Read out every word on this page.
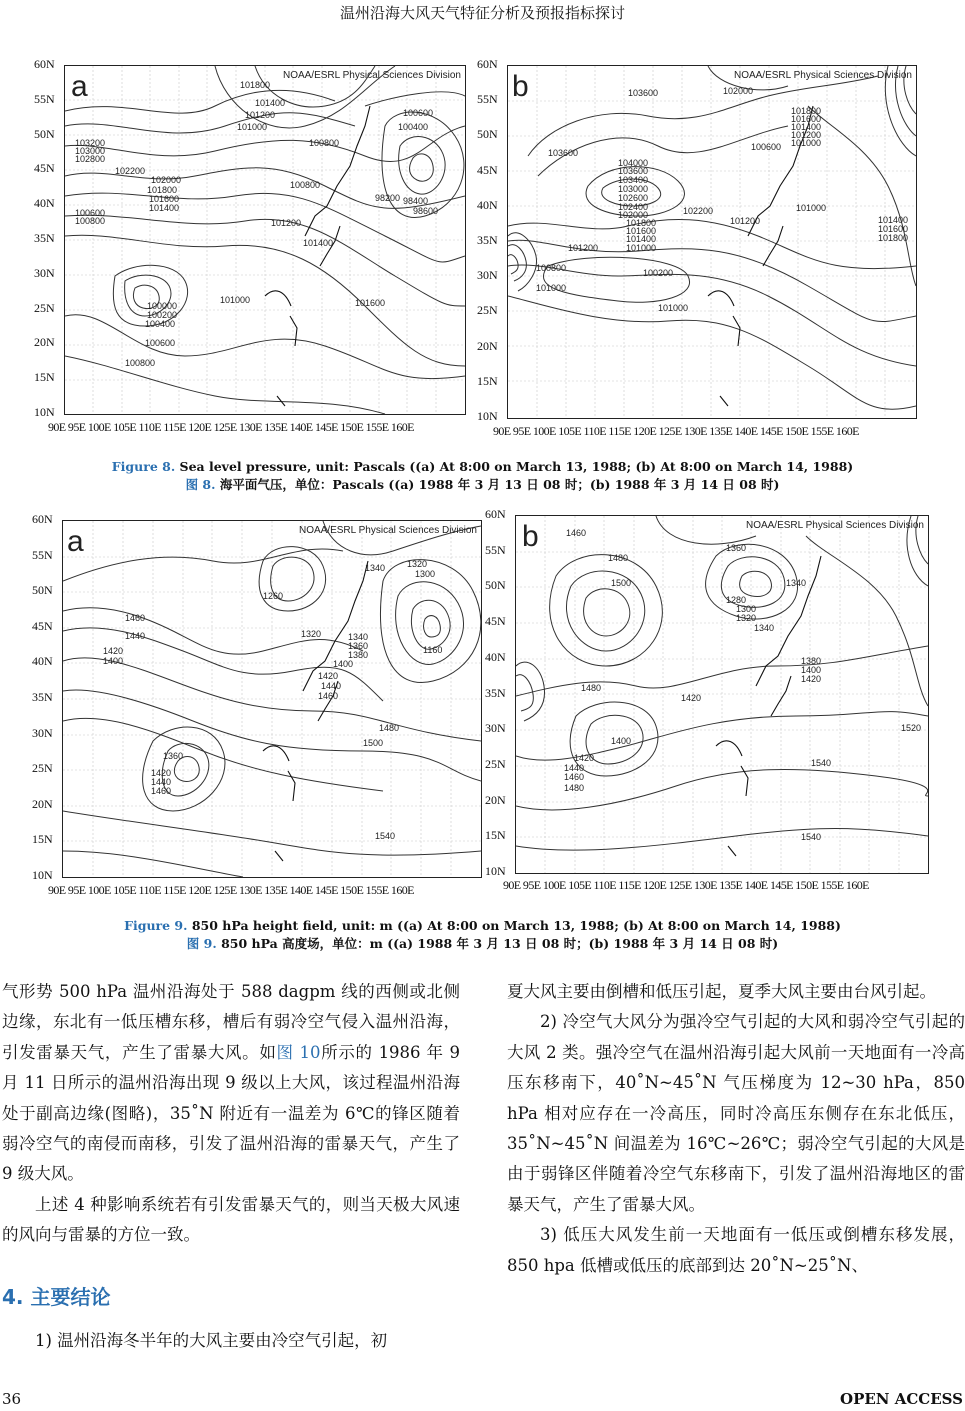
温州沿海大风天气特征分析及预报指标探讨
101800
101400
101200
101000
100800
100600
100400
103200
103000
102800
102200
102000
101800
101600
101400
100600
100800
100800
101200
101400
98200 98400
98600
101000
100000
100200
100400
100600
100800
101600
a	NOAA/ESRL Physical Sciences Division
90E 95E 100E 105E 110E 115E 120E 125E 130E 135E 140E 145E 150E 155E 160E
60N
55N
50N
45N
40N
35N
30N
25N
20N
15N
10N
103600	102000
101800
101600
101400
101200
101000
100600
103600
104000
103600
103400
103000
102600
102400	102200
102000
101800
101600
101400
101000
101200
100800
101000
100200
101000
101200
101000
101400
101600
101800
b	NOAA/ESRL Physical Sciences Division
90E 95E 100E 105E 110E 115E 120E 125E 130E 135E 140E 145E 150E 155E 160E
60N
55N
50N
45N
40N
35N
30N
25N
20N
15N
10N
Figure 8. Sea level pressure, unit: Pascals ((a) At 8:00 on March 13, 1988; (b) At 8:00 on March 14, 1988)
图 8. 海平面气压，单位：Pascals ((a) 1988 年 3 月 13 日 08 时；(b) 1988 年 3 月 14 日 08 时)
1340 1320
1300
1260
1320	1340
1360
1380
1400
1420
1440
1460
1480
1500
1460
1440
1420
1400
1360
1420
1440
1460
1540
1160
a	NOAA/ESRL Physical Sciences Division
90E 95E 100E 105E 110E 115E 120E 125E 130E 135E 140E 145E 150E 155E 160E
60N
55N
50N
45N
40N
35N
30N
25N
20N
15N
10N
1460
1480
1500
1360
1280
1300
1320
1340
1340
1380
1400
1420
1480
1420
1400
1440
1460
1480
1420	1540
1520
1540
b	NOAA/ESRL Physical Sciences Division
90E 95E 100E 105E 110E 115E 120E 125E 130E 135E 140E 145E 150E 155E 160E
60N
55N
50N
45N
40N
35N
30N
25N
20N
15N
10N
Figure 9. 850 hPa height field, unit: m ((a) At 8:00 on March 13, 1988; (b) At 8:00 on March 14, 1988)
图 9. 850 hPa 高度场，单位：m ((a) 1988 年 3 月 13 日 08 时；(b) 1988 年 3 月 14 日 08 时)

气形势 500 hPa 温州沿海处于 588 dagpm 线的西侧或北侧边缘，东北有一低压槽东移，槽后有弱冷空气侵入温州沿海，引发雷暴天气，产生了雷暴大风。如图 10所示的 1986 年 9 月 11 日所示的温州沿海出现 9 级以上大风，该过程温州沿海处于副高边缘(图略)，35˚N 附近有一温差为 6℃的锋区随着弱冷空气的南侵而南移，引发了温州沿海的雷暴天气，产生了 9 级大风。

上述 4 种影响系统若有引发雷暴天气的，则当天极大风速的风向与雷暴的方位一致。

4. 主要结论

1) 温州沿海冬半年的大风主要由冷空气引起，初

夏大风主要由倒槽和低压引起，夏季大风主要由台风引起。

2) 冷空气大风分为强冷空气引起的大风和弱冷空气引起的大风 2 类。强冷空气在温州沿海引起大风前一天地面有一冷高压东移南下，40˚N~45˚N 气压梯度为 12~30 hPa，850 hPa 相对应存在一冷高压，同时冷高压东侧存在东北低压，35˚N~45˚N 间温差为 16℃~26℃；弱冷空气引起的大风是由于弱锋区伴随着冷空气东移南下，引发了温州沿海地区的雷暴天气，产生了雷暴大风。

3) 低压大风发生前一天地面有一低压或倒槽东移发展，850 hpa 低槽或低压的底部到达 20˚N~25˚N、

36	OPEN ACCESS
